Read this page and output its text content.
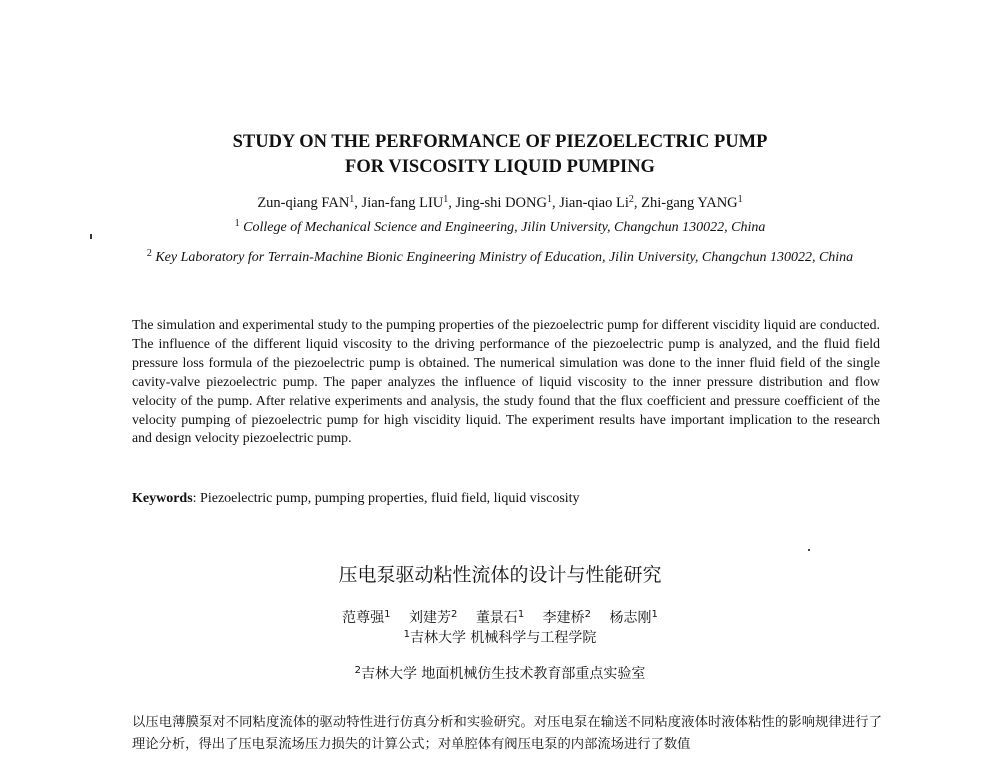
STUDY ON THE PERFORMANCE OF PIEZOELECTRIC PUMP
FOR VISCOSITY LIQUID PUMPING
Zun-qiang FAN$^1$, Jian-fang LIU$^1$, Jing-shi DONG$^1$, Jian-qiao Li$^2$, Zhi-gang YANG$^1$
$^1$ College of Mechanical Science and Engineering, Jilin University, Changchun 130022, China
$^2$ Key Laboratory for Terrain-Machine Bionic Engineering Ministry of Education, Jilin University, Changchun 130022, China
The simulation and experimental study to the pumping properties of the piezoelectric pump for different viscidity liquid are conducted. The influence of the different liquid viscosity to the driving performance of the piezoelectric pump is analyzed, and the fluid field pressure loss formula of the piezoelectric pump is obtained. The numerical simulation was done to the inner fluid field of the single cavity-valve piezoelectric pump. The paper analyzes the influence of liquid viscosity to the inner pressure distribution and flow velocity of the pump. After relative experiments and analysis, the study found that the flux coefficient and pressure coefficient of the velocity pumping of piezoelectric pump for high viscidity liquid. The experiment results have important implication to the research and design velocity piezoelectric pump.
Keywords: Piezoelectric pump, pumping properties, fluid field, liquid viscosity
压电泵驱动粘性流体的设计与性能研究
范尊强$^1$ 刘建芳$^2$ 董景石$^1$ 李建桥$^2$ 杨志刚$^1$
$^1$吉林大学 机械科学与工程学院
$^2$吉林大学 地面机械仿生技术教育部重点实验室
以压电薄膜泵对不同粘度流体的驱动特性进行仿真分析和实验研究。对压电泵在输送不同粘度液体时液体粘性的影响规律进行了理论分析，得出了压电泵流场压力损失的计算公式；对单腔体有阀压电泵的内部流场进行了数值
